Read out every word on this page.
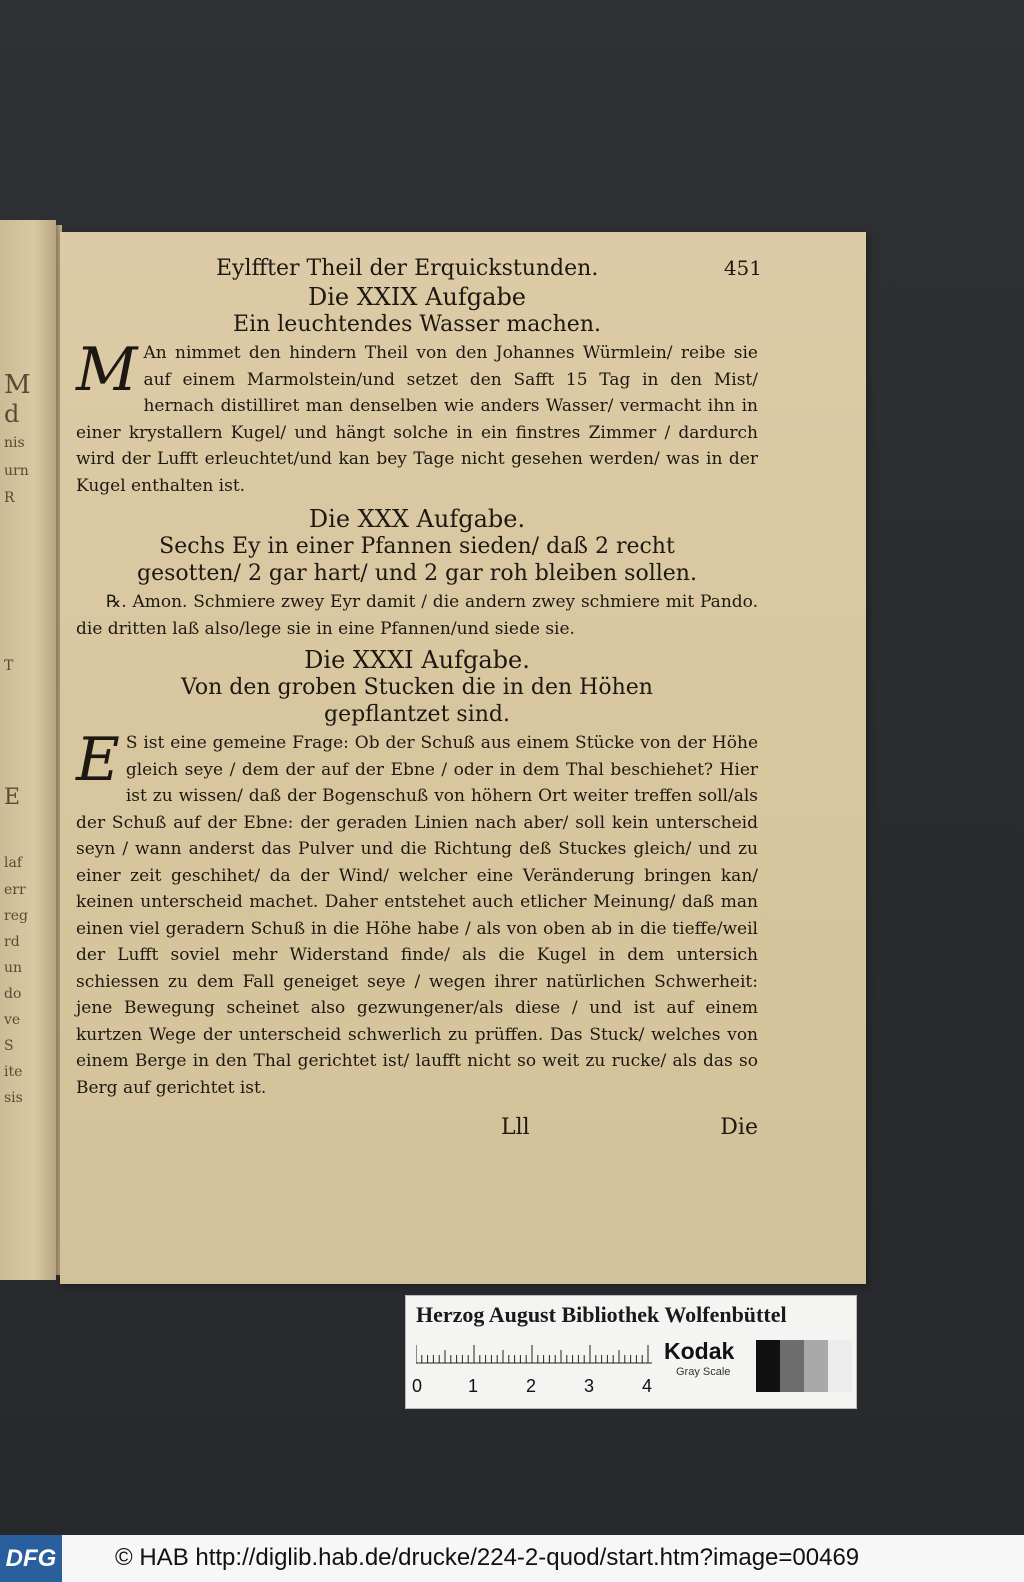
M
d
nis
urn
R
T
E
laf
err
reg
rd
un
do
ve
S
ite
sis
Eylffter Theil der Erquickstunden.	451
Die XXIX Aufgabe
Ein leuchtendes Wasser machen.
M An nimmet den hindern Theil von den Johannes Würmlein/ reibe sie auf einem Marmolstein/und setzet den Safft 15 Tag in den Mist/ hernach distilliret man denselben wie anders Wasser/ vermacht ihn in einer krystallern Kugel/ und hängt solche in ein finstres Zimmer / dardurch wird der Lufft erleuchtet/und kan bey Tage nicht gesehen werden/ was in der Kugel enthalten ist.
Die XXX Aufgabe.
Sechs Ey in einer Pfannen sieden/ daß 2 recht gesotten/ 2 gar hart/ und 2 gar roh bleiben sollen.
℞. Amon. Schmiere zwey Eyr damit / die andern zwey schmiere mit Pando. die dritten laß also/lege sie in eine Pfannen/und siede sie.
Die XXXI Aufgabe.
Von den groben Stucken die in den Höhen gepflantzet sind.
E S ist eine gemeine Frage: Ob der Schuß aus einem Stücke von der Höhe gleich seye / dem der auf der Ebne / oder in dem Thal beschiehet? Hier ist zu wissen/ daß der Bogenschuß von höhern Ort weiter treffen soll/als der Schuß auf der Ebne: der geraden Linien nach aber/ soll kein unterscheid seyn / wann anderst das Pulver und die Richtung deß Stuckes gleich/ und zu einer zeit geschihet/ da der Wind/ welcher eine Veränderung bringen kan/ keinen unterscheid machet. Daher entstehet auch etlicher Meinung/ daß man einen viel geradern Schuß in die Höhe habe / als von oben ab in die tieffe/weil der Lufft soviel mehr Widerstand finde/ als die Kugel in dem untersich schiessen zu dem Fall geneiget seye / wegen ihrer natürlichen Schwerheit: jene Bewegung scheinet also gezwungener/als diese / und ist auf einem kurtzen Wege der unterscheid schwerlich zu prüffen. Das Stuck/ welches von einem Berge in den Thal gerichtet ist/ laufft nicht so weit zu rucke/ als das so Berg auf gerichtet ist.
Lll	Die
Herzog August Bibliothek Wolfenbüttel
0	1	2	3	4
Kodak
Gray Scale
DFG © HAB http://diglib.hab.de/drucke/224-2-quod/start.htm?image=00469
